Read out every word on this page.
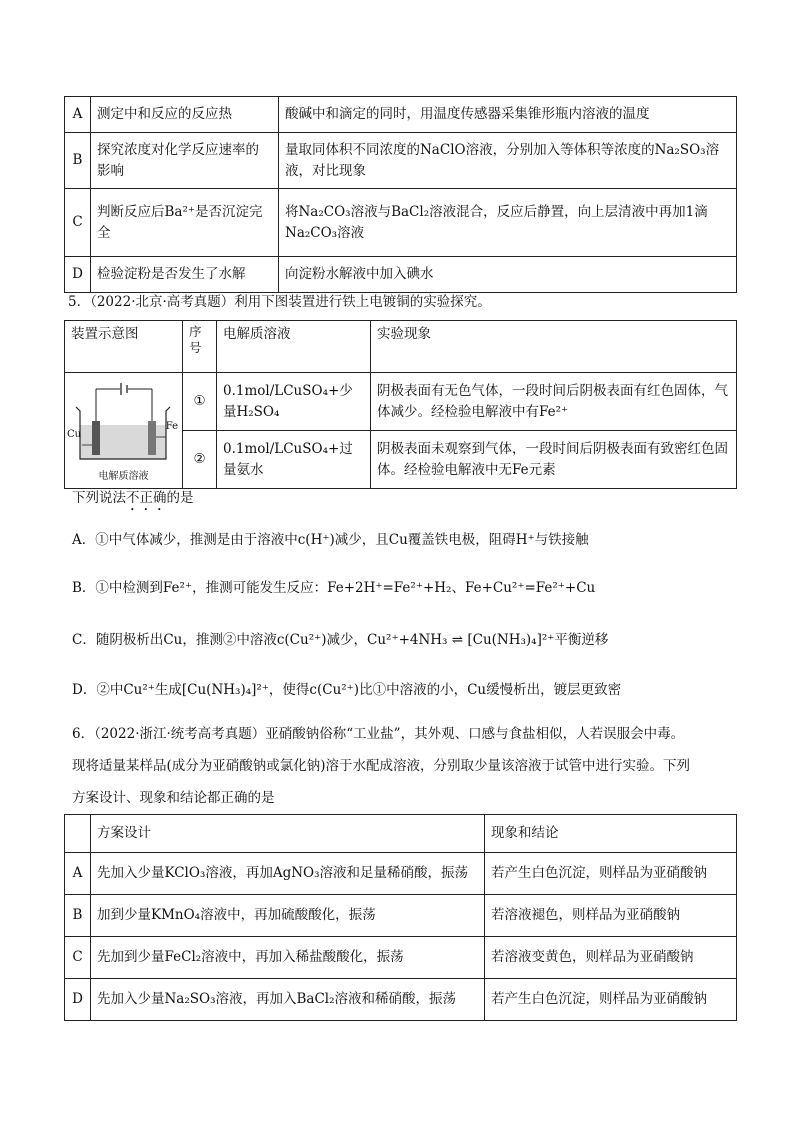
A	测定中和反应的反应热	酸碱中和滴定的同时，用温度传感器采集锥形瓶内溶液的温度
B	探究浓度对化学反应速率的影响	量取同体积不同浓度的NaClO溶液，分别加入等体积等浓度的Na₂SO₃溶液，对比现象
C	判断反应后Ba²⁺是否沉淀完全	将Na₂CO₃溶液与BaCl₂溶液混合，反应后静置，向上层清液中再加1滴Na₂CO₃溶液
D	检验淀粉是否发生了水解	向淀粉水解液中加入碘水
5．（2022·北京·高考真题）利用下图装置进行铁上电镀铜的实验探究。
装置示意图	序号	电解质溶液	实验现象

Cu
Fe
电解质溶液	①	0.1mol/LCuSO₄+少量H₂SO₄	阴极表面有无色气体，一段时间后阴极表面有红色固体，气体减少。经检验电解液中有Fe²⁺
	②	0.1mol/LCuSO₄+过量氨水	阴极表面未观察到气体，一段时间后阴极表面有致密红色固体。经检验电解液中无Fe元素
下列说法不正确的是
A．①中气体减少，推测是由于溶液中c(H⁺)减少，且Cu覆盖铁电极，阻碍H⁺与铁接触
B．①中检测到Fe²⁺，推测可能发生反应：Fe+2H⁺=Fe²⁺+H₂、Fe+Cu²⁺=Fe²⁺+Cu
C．随阴极析出Cu，推测②中溶液c(Cu²⁺)减少，Cu²⁺+4NH₃ ⇌ [Cu(NH₃)₄]²⁺平衡逆移
D．②中Cu²⁺生成[Cu(NH₃)₄]²⁺，使得c(Cu²⁺)比①中溶液的小，Cu缓慢析出，镀层更致密
6．（2022·浙江·统考高考真题）亚硝酸钠俗称“工业盐”，其外观、口感与食盐相似，人若误服会中毒。
现将适量某样品(成分为亚硝酸钠或氯化钠)溶于水配成溶液，分别取少量该溶液于试管中进行实验。下列
方案设计、现象和结论都正确的是
	方案设计	现象和结论
A	先加入少量KClO₃溶液，再加AgNO₃溶液和足量稀硝酸，振荡	若产生白色沉淀，则样品为亚硝酸钠
B	加到少量KMnO₄溶液中，再加硫酸酸化，振荡	若溶液褪色，则样品为亚硝酸钠
C	先加到少量FeCl₂溶液中，再加入稀盐酸酸化，振荡	若溶液变黄色，则样品为亚硝酸钠
D	先加入少量Na₂SO₃溶液，再加入BaCl₂溶液和稀硝酸，振荡	若产生白色沉淀，则样品为亚硝酸钠
